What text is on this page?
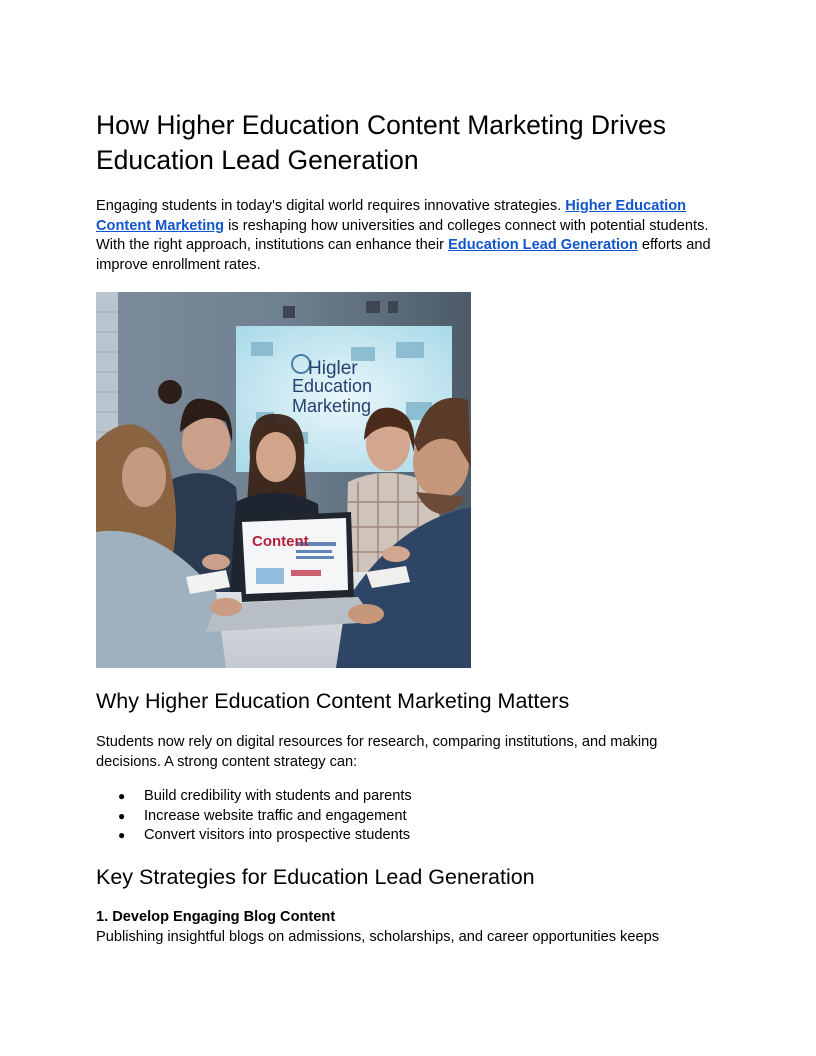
How Higher Education Content Marketing Drives Education Lead Generation

Engaging students in today's digital world requires innovative strategies. Higher Education Content Marketing is reshaping how universities and colleges connect with potential students. With the right approach, institutions can enhance their Education Lead Generation efforts and improve enrollment rates.

Higler
Education
Marketing
Content
Why Higher Education Content Marketing Matters

Students now rely on digital resources for research, comparing institutions, and making decisions. A strong content strategy can:

● Build credibility with students and parents
● Increase website traffic and engagement
● Convert visitors into prospective students
Key Strategies for Education Lead Generation

1. Develop Engaging Blog Content

Publishing insightful blogs on admissions, scholarships, and career opportunities keeps
